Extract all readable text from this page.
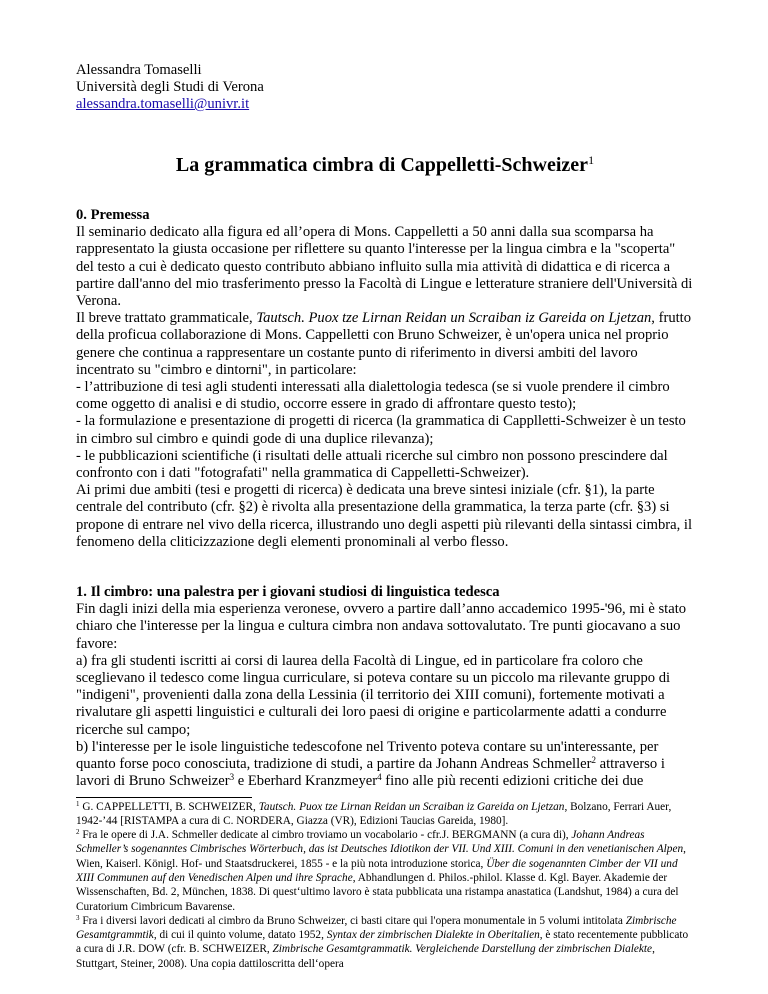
Alessandra Tomaselli
Università degli Studi di Verona
alessandra.tomaselli@univr.it
La grammatica cimbra di Cappelletti-Schweizer$^1$

0. Premessa

Il seminario dedicato alla figura ed all’opera di Mons. Cappelletti a 50 anni dalla sua scomparsa ha rappresentato la giusta occasione per riflettere su quanto l'interesse per la lingua cimbra e la "scoperta" del testo a cui è dedicato questo contributo abbiano influito sulla mia attività di didattica e di ricerca a partire dall'anno del mio trasferimento presso la Facoltà di Lingue e letterature straniere dell'Università di Verona.

Il breve trattato grammaticale, Tautsch. Puox tze Lirnan Reidan un Scraiban iz Gareida on Ljetzan, frutto della proficua collaborazione di Mons. Cappelletti con Bruno Schweizer, è un'opera unica nel proprio genere che continua a rappresentare un costante punto di riferimento in diversi ambiti del lavoro incentrato su "cimbro e dintorni", in particolare:

- l’attribuzione di tesi agli studenti interessati alla dialettologia tedesca (se si vuole prendere il cimbro come oggetto di analisi e di studio, occorre essere in grado di affrontare questo testo);

- la formulazione e presentazione di progetti di ricerca (la grammatica di Capplletti-Schweizer è un testo in cimbro sul cimbro e quindi gode di una duplice rilevanza);

- le pubblicazioni scientifiche (i risultati delle attuali ricerche sul cimbro non possono prescindere dal confronto con i dati "fotografati" nella grammatica di Cappelletti-Schweizer).

Ai primi due ambiti (tesi e progetti di ricerca) è dedicata una breve sintesi iniziale (cfr. §1), la parte centrale del contributo (cfr. §2) è rivolta alla presentazione della grammatica, la terza parte (cfr. §3) si propone di entrare nel vivo della ricerca, illustrando uno degli aspetti più rilevanti della sintassi cimbra, il fenomeno della cliticizzazione degli elementi pronominali al verbo flesso.

1. Il cimbro: una palestra per i giovani studiosi di linguistica tedesca

Fin dagli inizi della mia esperienza veronese, ovvero a partire dall’anno accademico 1995-'96, mi è stato chiaro che l'interesse per la lingua e cultura cimbra non andava sottovalutato. Tre punti giocavano a suo favore:

a) fra gli studenti iscritti ai corsi di laurea della Facoltà di Lingue, ed in particolare fra coloro che sceglievano il tedesco come lingua curriculare, si poteva contare su un piccolo ma rilevante gruppo di "indigeni", provenienti dalla zona della Lessinia (il territorio dei XIII comuni), fortemente motivati a rivalutare gli aspetti linguistici e culturali dei loro paesi di origine e particolarmente adatti a condurre ricerche sul campo;

b) l'interesse per le isole linguistiche tedescofone nel Trivento poteva contare su un'interessante, per quanto forse poco conosciuta, tradizione di studi, a partire da Johann Andreas Schmeller$^2$ attraverso i lavori di Bruno Schweizer$^3$ e Eberhard Kranzmeyer$^4$ fino alle più recenti edizioni critiche dei due

$^1$ G. CAPPELLETTI, B. SCHWEIZER, Tautsch. Puox tze Lirnan Reidan un Scraiban iz Gareida on Ljetzan, Bolzano, Ferrari Auer, 1942-’44 [RISTAMPA a cura di C. NORDERA, Giazza (VR), Edizioni Taucias Gareida, 1980].

$^2$ Fra le opere di J.A. Schmeller dedicate al cimbro troviamo un vocabolario - cfr.J. BERGMANN (a cura di), Johann Andreas Schmeller’s sogenanntes Cimbrisches Wörterbuch, das ist Deutsches Idiotikon der VII. Und XIII. Comuni in den venetianischen Alpen, Wien, Kaiserl. Königl. Hof- und Staatsdruckerei, 1855 - e la più nota introduzione storica, Über die sogenannten Cimber der VII und XIII Communen auf den Venedischen Alpen und ihre Sprache, Abhandlungen d. Philos.-philol. Klasse d. Kgl. Bayer. Akademie der Wissenschaften, Bd. 2, München, 1838. Di quest‘ultimo lavoro è stata pubblicata una ristampa anastatica (Landshut, 1984) a cura del Curatorium Cimbricum Bavarense.

$^3$ Fra i diversi lavori dedicati al cimbro da Bruno Schweizer, ci basti citare qui l'opera monumentale in 5 volumi intitolata Zimbrische Gesamtgrammtik, di cui il quinto volume, datato 1952, Syntax der zimbrischen Dialekte in Oberitalien, è stato recentemente pubblicato a cura di J.R. DOW (cfr. B. SCHWEIZER, Zimbrische Gesamtgrammatik. Vergleichende Darstellung der zimbrischen Dialekte, Stuttgart, Steiner, 2008). Una copia dattiloscritta dell‘opera
